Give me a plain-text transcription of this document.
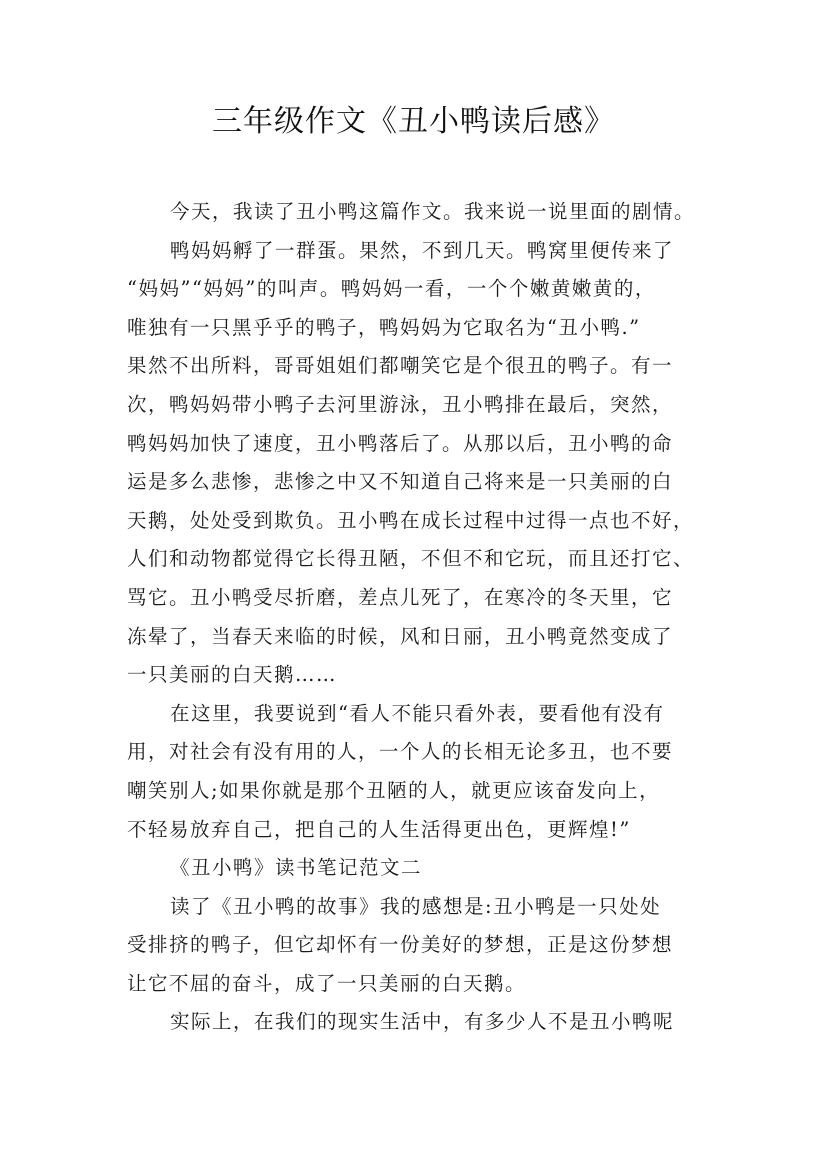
三年级作文《丑小鸭读后感》
今天，我读了丑小鸭这篇作文。我来说一说里面的剧情。
鸭妈妈孵了一群蛋。果然，不到几天。鸭窝里便传来了
“妈妈”“妈妈”的叫声。鸭妈妈一看，一个个嫩黄嫩黄的，
唯独有一只黑乎乎的鸭子，鸭妈妈为它取名为“丑小鸭.”
果然不出所料，哥哥姐姐们都嘲笑它是个很丑的鸭子。有一
次，鸭妈妈带小鸭子去河里游泳，丑小鸭排在最后，突然，
鸭妈妈加快了速度，丑小鸭落后了。从那以后，丑小鸭的命
运是多么悲惨，悲惨之中又不知道自己将来是一只美丽的白
天鹅，处处受到欺负。丑小鸭在成长过程中过得一点也不好，
人们和动物都觉得它长得丑陋，不但不和它玩，而且还打它、
骂它。丑小鸭受尽折磨，差点儿死了，在寒冷的冬天里，它
冻晕了，当春天来临的时候，风和日丽，丑小鸭竟然变成了
一只美丽的白天鹅……
在这里，我要说到“看人不能只看外表，要看他有没有
用，对社会有没有用的人，一个人的长相无论多丑，也不要
嘲笑别人;如果你就是那个丑陋的人，就更应该奋发向上，
不轻易放弃自己，把自己的人生活得更出色，更辉煌!”
《丑小鸭》读书笔记范文二
读了《丑小鸭的故事》我的感想是:丑小鸭是一只处处
受排挤的鸭子，但它却怀有一份美好的梦想，正是这份梦想
让它不屈的奋斗，成了一只美丽的白天鹅。
实际上，在我们的现实生活中，有多少人不是丑小鸭呢
